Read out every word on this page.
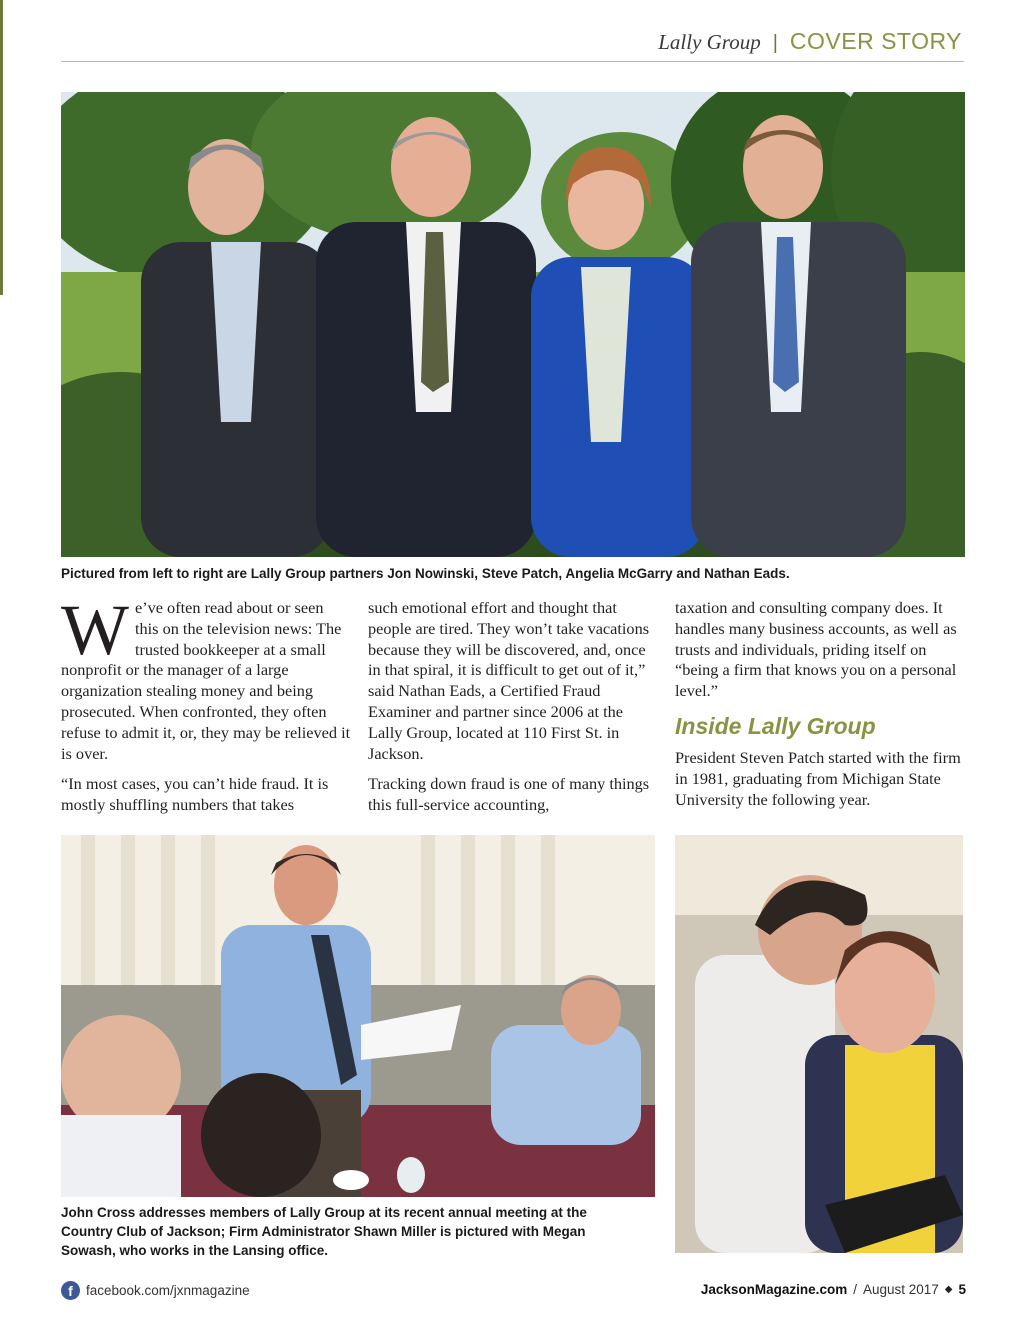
Lally Group | COVER STORY
Pictured from left to right are Lally Group partners Jon Nowinski, Steve Patch, Angelia McGarry and Nathan Eads.

We’ve often read about or seen this on the television news: The trusted bookkeeper at a small nonprofit or the manager of a large organization stealing money and being prosecuted. When confronted, they often refuse to admit it, or, they may be relieved it is over.

“In most cases, you can’t hide fraud. It is mostly shuffling numbers that takes

such emotional effort and thought that people are tired. They won’t take vacations because they will be discovered, and, once in that spiral, it is difficult to get out of it,” said Nathan Eads, a Certified Fraud Examiner and partner since 2006 at the Lally Group, located at 110 First St. in Jackson.

Tracking down fraud is one of many things this full-service accounting,

taxation and consulting company does. It handles many business accounts, as well as trusts and individuals, priding itself on “being a firm that knows you on a personal level.”

Inside Lally Group

President Steven Patch started with the firm in 1981, graduating from Michigan State University the following year.

John Cross addresses members of Lally Group at its recent annual meeting at the Country Club of Jackson; Firm Administrator Shawn Miller is pictured with Megan Sowash, who works in the Lansing office.
f facebook.com/jxnmagazine	JacksonMagazine.com / August 2017 ◆ 5
